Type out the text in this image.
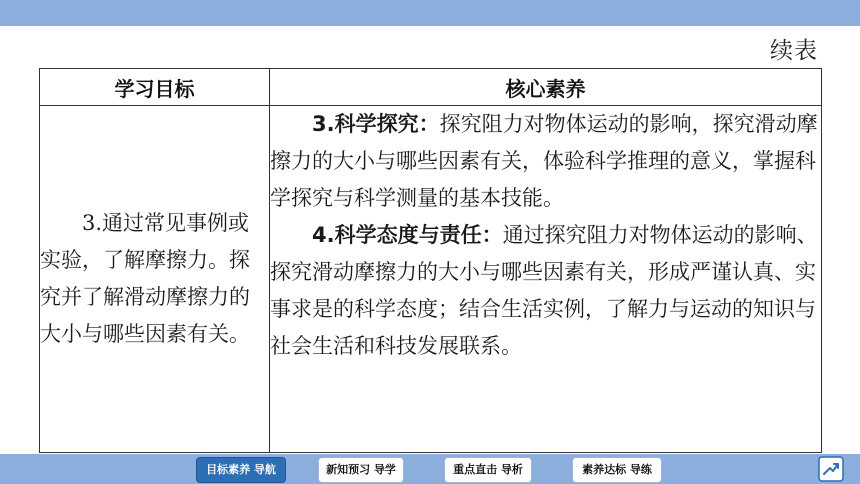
续表
学习目标	核心素养

3.通过常见事例或实验，了解摩擦力。探究并了解滑动摩擦力的大小与哪些因素有关。	3.科学探究：探究阻力对物体运动的影响，探究滑动摩擦力的大小与哪些因素有关，体验科学推理的意义，掌握科学探究与科学测量的基本技能。

4.科学态度与责任：通过探究阻力对物体运动的影响、探究滑动摩擦力的大小与哪些因素有关，形成严谨认真、实事求是的科学态度；结合生活实例，了解力与运动的知识与社会生活和科技发展联系。

目标素养 导航	新知预习 导学	重点直击 导析	素养达标 导练
